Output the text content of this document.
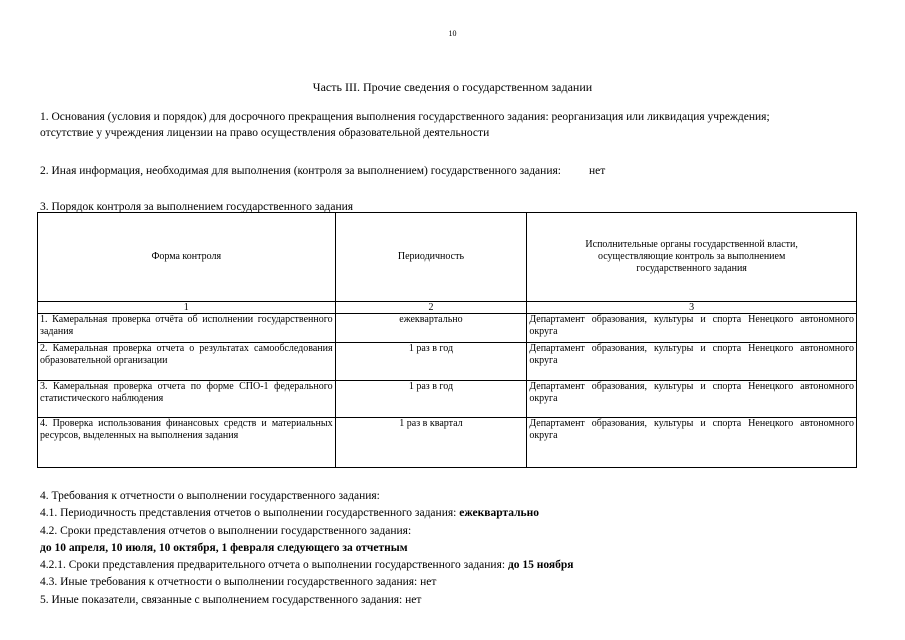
10
Часть III. Прочие сведения о государственном задании
1. Основания (условия и порядок) для досрочного прекращения выполнения государственного задания: реорганизация или ликвидация учреждения; отсутствие у учреждения лицензии на право осуществления образовательной деятельности
2. Иная информация, необходимая для выполнения (контроля за выполнением) государственного задания: нет
3. Порядок контроля за выполнением государственного задания
Форма контроля	Периодичность	Исполнительные органы государственной власти, осуществляющие контроль за выполнением государственного задания
1	2	3
1. Камеральная проверка отчёта об исполнении государственного задания	ежеквартально	Департамент образования, культуры и спорта Ненецкого автономного округа
2. Камеральная проверка отчета о результатах самообследования образовательной организации	1 раз в год	Департамент образования, культуры и спорта Ненецкого автономного округа
3. Камеральная проверка отчета по форме СПО-1 федерального статистического наблюдения	1 раз в год	Департамент образования, культуры и спорта Ненецкого автономного округа
4. Проверка использования финансовых средств и материальных ресурсов, выделенных на выполнения задания	1 раз в квартал	Департамент образования, культуры и спорта Ненецкого автономного округа
4. Требования к отчетности о выполнении государственного задания:
4.1. Периодичность представления отчетов о выполнении государственного задания: ежеквартально
4.2. Сроки представления отчетов о выполнении государственного задания:
до 10 апреля, 10 июля, 10 октября, 1 февраля следующего за отчетным
4.2.1. Сроки представления предварительного отчета о выполнении государственного задания: до 15 ноября
4.3. Иные требования к отчетности о выполнении государственного задания: нет
5. Иные показатели, связанные с выполнением государственного задания: нет
